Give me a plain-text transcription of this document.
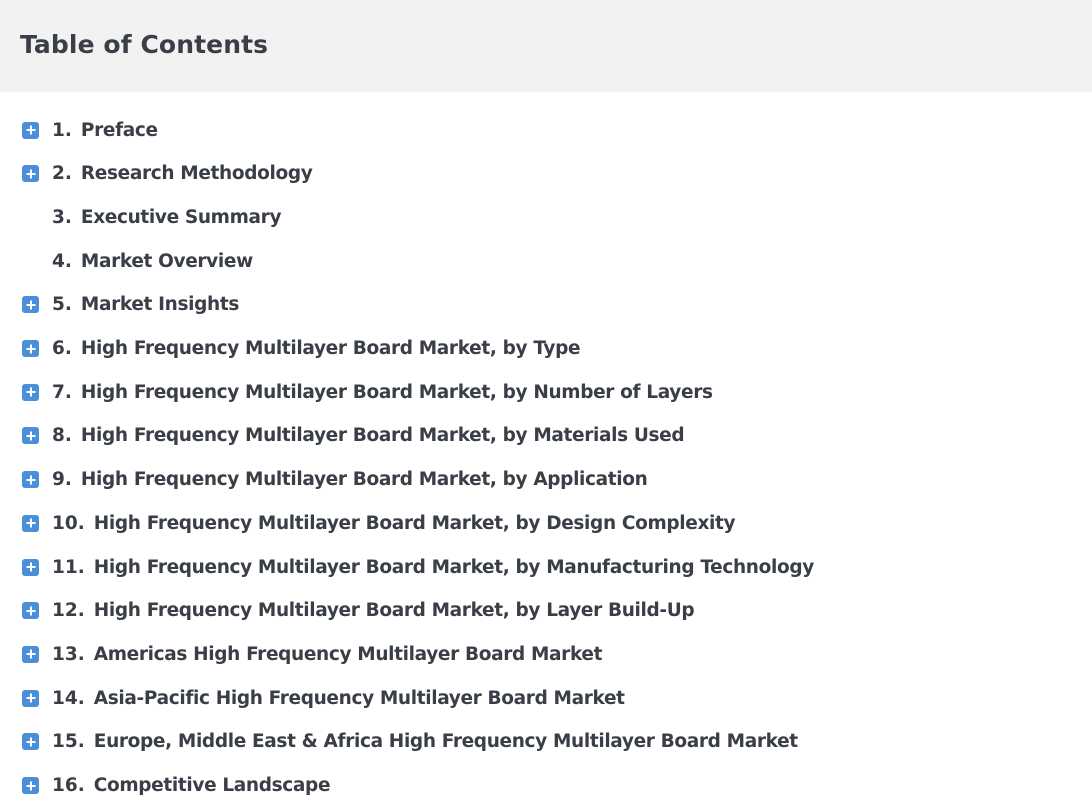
Table of Contents
1. Preface
2. Research Methodology
3. Executive Summary
4. Market Overview
5. Market Insights
6. High Frequency Multilayer Board Market, by Type
7. High Frequency Multilayer Board Market, by Number of Layers
8. High Frequency Multilayer Board Market, by Materials Used
9. High Frequency Multilayer Board Market, by Application
10. High Frequency Multilayer Board Market, by Design Complexity
11. High Frequency Multilayer Board Market, by Manufacturing Technology
12. High Frequency Multilayer Board Market, by Layer Build-Up
13. Americas High Frequency Multilayer Board Market
14. Asia-Pacific High Frequency Multilayer Board Market
15. Europe, Middle East & Africa High Frequency Multilayer Board Market
16. Competitive Landscape
